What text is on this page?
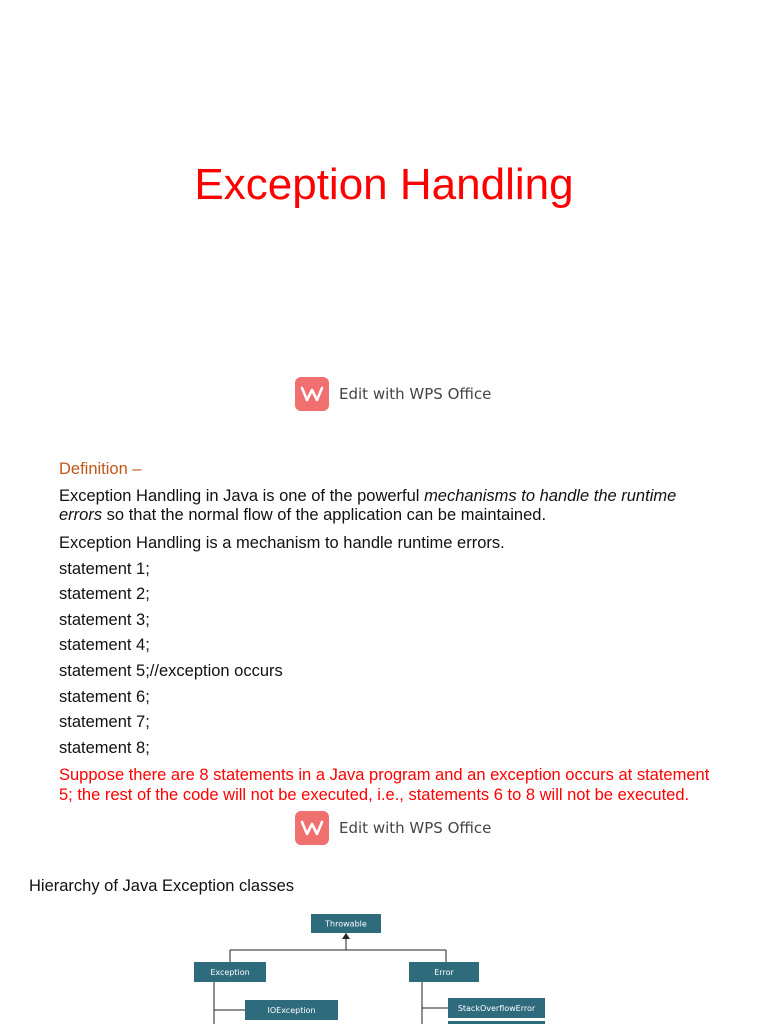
Exception Handling
Edit with WPS Office
Definition –
Exception Handling in Java is one of the powerful mechanisms to handle the runtime errors so that the normal flow of the application can be maintained.
Exception Handling is a mechanism to handle runtime errors.
statement 1;
statement 2;
statement 3;
statement 4;
statement 5;//exception occurs
statement 6;
statement 7;
statement 8;
Suppose there are 8 statements in a Java program and an exception occurs at statement 5; the rest of the code will not be executed, i.e., statements 6 to 8 will not be executed.
Edit with WPS Office
Hierarchy of Java Exception classes
Throwable
Exception	Error
IOException	StackOverflowError
